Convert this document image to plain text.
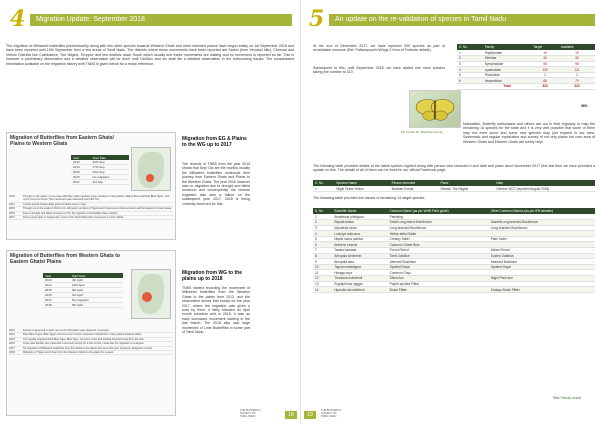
4	Migration Update: September 2018
The migration of Milkweed butterflies predominantly along with few other species towards Western Ghats and other intended places have begun easily on 1st September 2018 and have been reported until 15th September from a few areas of Tamil Nadu. The districts where these movements have been reported are Salem (from Yercaud hills), Chennai and Vellore Districts like Coimbatore, The Nilgiris, Tiruppur and few districts down South which usually see these movements are waiting and no movement is reported so far. This is however a preliminary observation and a detailed observation will be done until Oct/Nov and we shall file a detailed observation in the forthcoming issues. The consolidated information available on the migration history with TNBS is given below for a ready reference.
Migration of Butterflies from Eastern Ghats/ Plains to Western Ghats
Year	Start Date
2013	29th Sep
2014	17th Sep
2015	26th Sep
2016	No migration
2017	3rd Sep
2013	Though on the plains, in any case 20th Dec, little migrated, huge numbers in Sep before. Mainly Blue and Dark Blue Tigers. Not much Common Crow. This movement was observed until 18th Oct.
2014	A short period. Reasonably good numbers seen in Sep.
2015	Though not in the scale of 2013 & 14, still good numbers of Tigers and Crows were observed along with Emigrants in fewer areas.
2016	Due to drought and failed monsoon in TN, No migration of butterflies were noticed.
2017	Due to good rains in September, more in the Tamil Nadu belt, movement is more visible.
Migration from EG & Plains to the WG up to 2017
The records of TNBS from the year 2013 shows that Sep/ Oct are the months usually the Milkweed butterflies undertook their journey from Eastern Ghats and Plains to the Western Ghats. The year 2016 however saw no migration due to drought and failed monsoon and consequently the reverse migration was also a failure on the subsequent year 2017. 2018 is being currently observed for this.
Migration of Butterflies from Western Ghats to Eastern Ghats/ Plains
Year	Start Date
2013	4th April
2014	12th April
2015	9th April
2016	3rd April
2017	No migration
2018	5th April
2013	Except it happened in April, not much information was observed / recorded.
2014	Dark Blue Tigers, Blue Tigers and Common Crows movement noticed from many places towards plains.
2015	The regular migrants Dark Blue Tiger, Blue Tiger, Common Crow and Double-branded Crow from the hills.
2016	There was literally zero observed movement except for a few Crows. Looks like the migration to a degree.
2017	No migration of Milkweed butterflies from the Ghats to the plains was seen this year. However, Emigrants moved.
2018	Migration of Tigers and Crows from the Western Ghats to the plains for a week.
Migration from WG to the plains up to 2018
TNBS started recording the movement of Milkweed butterflies from the Western Ghats to the plains from 2013, and the observation shows that except for the year 2017, where the migration was given a miss by them, it fairly followed an April month schedule and in 2018, it was an early downward movement starting in the late March. The 2018 also saw large movement of Lime Butterflies in some part of Tamil Nadu.
THE BUTTERFLY
SOCIETY OF
TAMIL NADU	18
5	An update on the re-validation of species in Tamil Nadu
At the end of December 2017, we have reported 309 species as part of revalidation exercise (Ref: Pattampoochi Wings 2 from of Fortnote details).
Subsequent to this, until September 2018, we have added one more species taking the number to 310.
Pic Credit: Mr. Sharthan Kumar
S. No	Family	Target	Available
1	Papilionidae	19	19
2	Pieridae	32	32
3	Nymphalidae	98	98
4	Lycaenidae	130	121
5	Riodinidae	2	2
6	Hesperiidae	88	79
	Total	324	310
96%
Naturalists, Butterfly enthusiasts and others are out in field regularly to map the remaining 14 species for the state and it is very well possible that some of them may not even occur and some new species may just expand to our area. Systematic and regular exploration and survey of not only plains but core area of Western Ghats and Eastern Ghats will surely help!
The following table provides details of the latest species sighted along with person who recorded it and date and place since November 2017 (the last time we have provided a update on this. The details of all of them can be found in our official Facebook page.
S. No	Species Name	Person recorded	Place	Date
1	Nilgiri Grass Yellow	Madhan Kumar	Devala, The Nilgiris	October 2017 (reported August 2018)
The following table provides the names of remaining 14 target species
S. No	Scientific Name	Common Name (as per WHB Field guide)	Other Common Names (as per IFB website)
1	Amathusia phidippus	Palmking	
2	Rapala iarbus	Small Long-brand Bushbrown	Scarlet/Long-branded Bushbrown
3	Mycalesis rama	Long-branded Bushbrown	Long-branded Bushbrown
4	Lodoxys subcurva	Yellow-tailed Sailer	
5	Neptis soma palnica	Creamy Sailer	Palni Sailer
6	Anthene emolus	Common Ciliate Blue	
7	Taraka hamada	Forest Pierrot	Indian Pierrot
8	Arhopala wimberlei	Tamil Oakblue	Dusted Oakblue
9	Arhopala alea	Aberrant Bushblue	Aberrant Bushblue
10	Tajuria melastigma	Spotted Royal	Spotted Royal
11	Horaga onyx	Common Onyx	
12	Thoressa evershedi	Shiva Ace	Nilgiri Plain Ace
13	Zographetus ogygia	Purple-spotted Flitter	
14	Hyarotis microstictum	Brush Flitter	Kodagu Brush Flitter
Text: Pavesh Anand
19
THE BUTTERFLY
SOCIETY OF
TAMIL NADU
